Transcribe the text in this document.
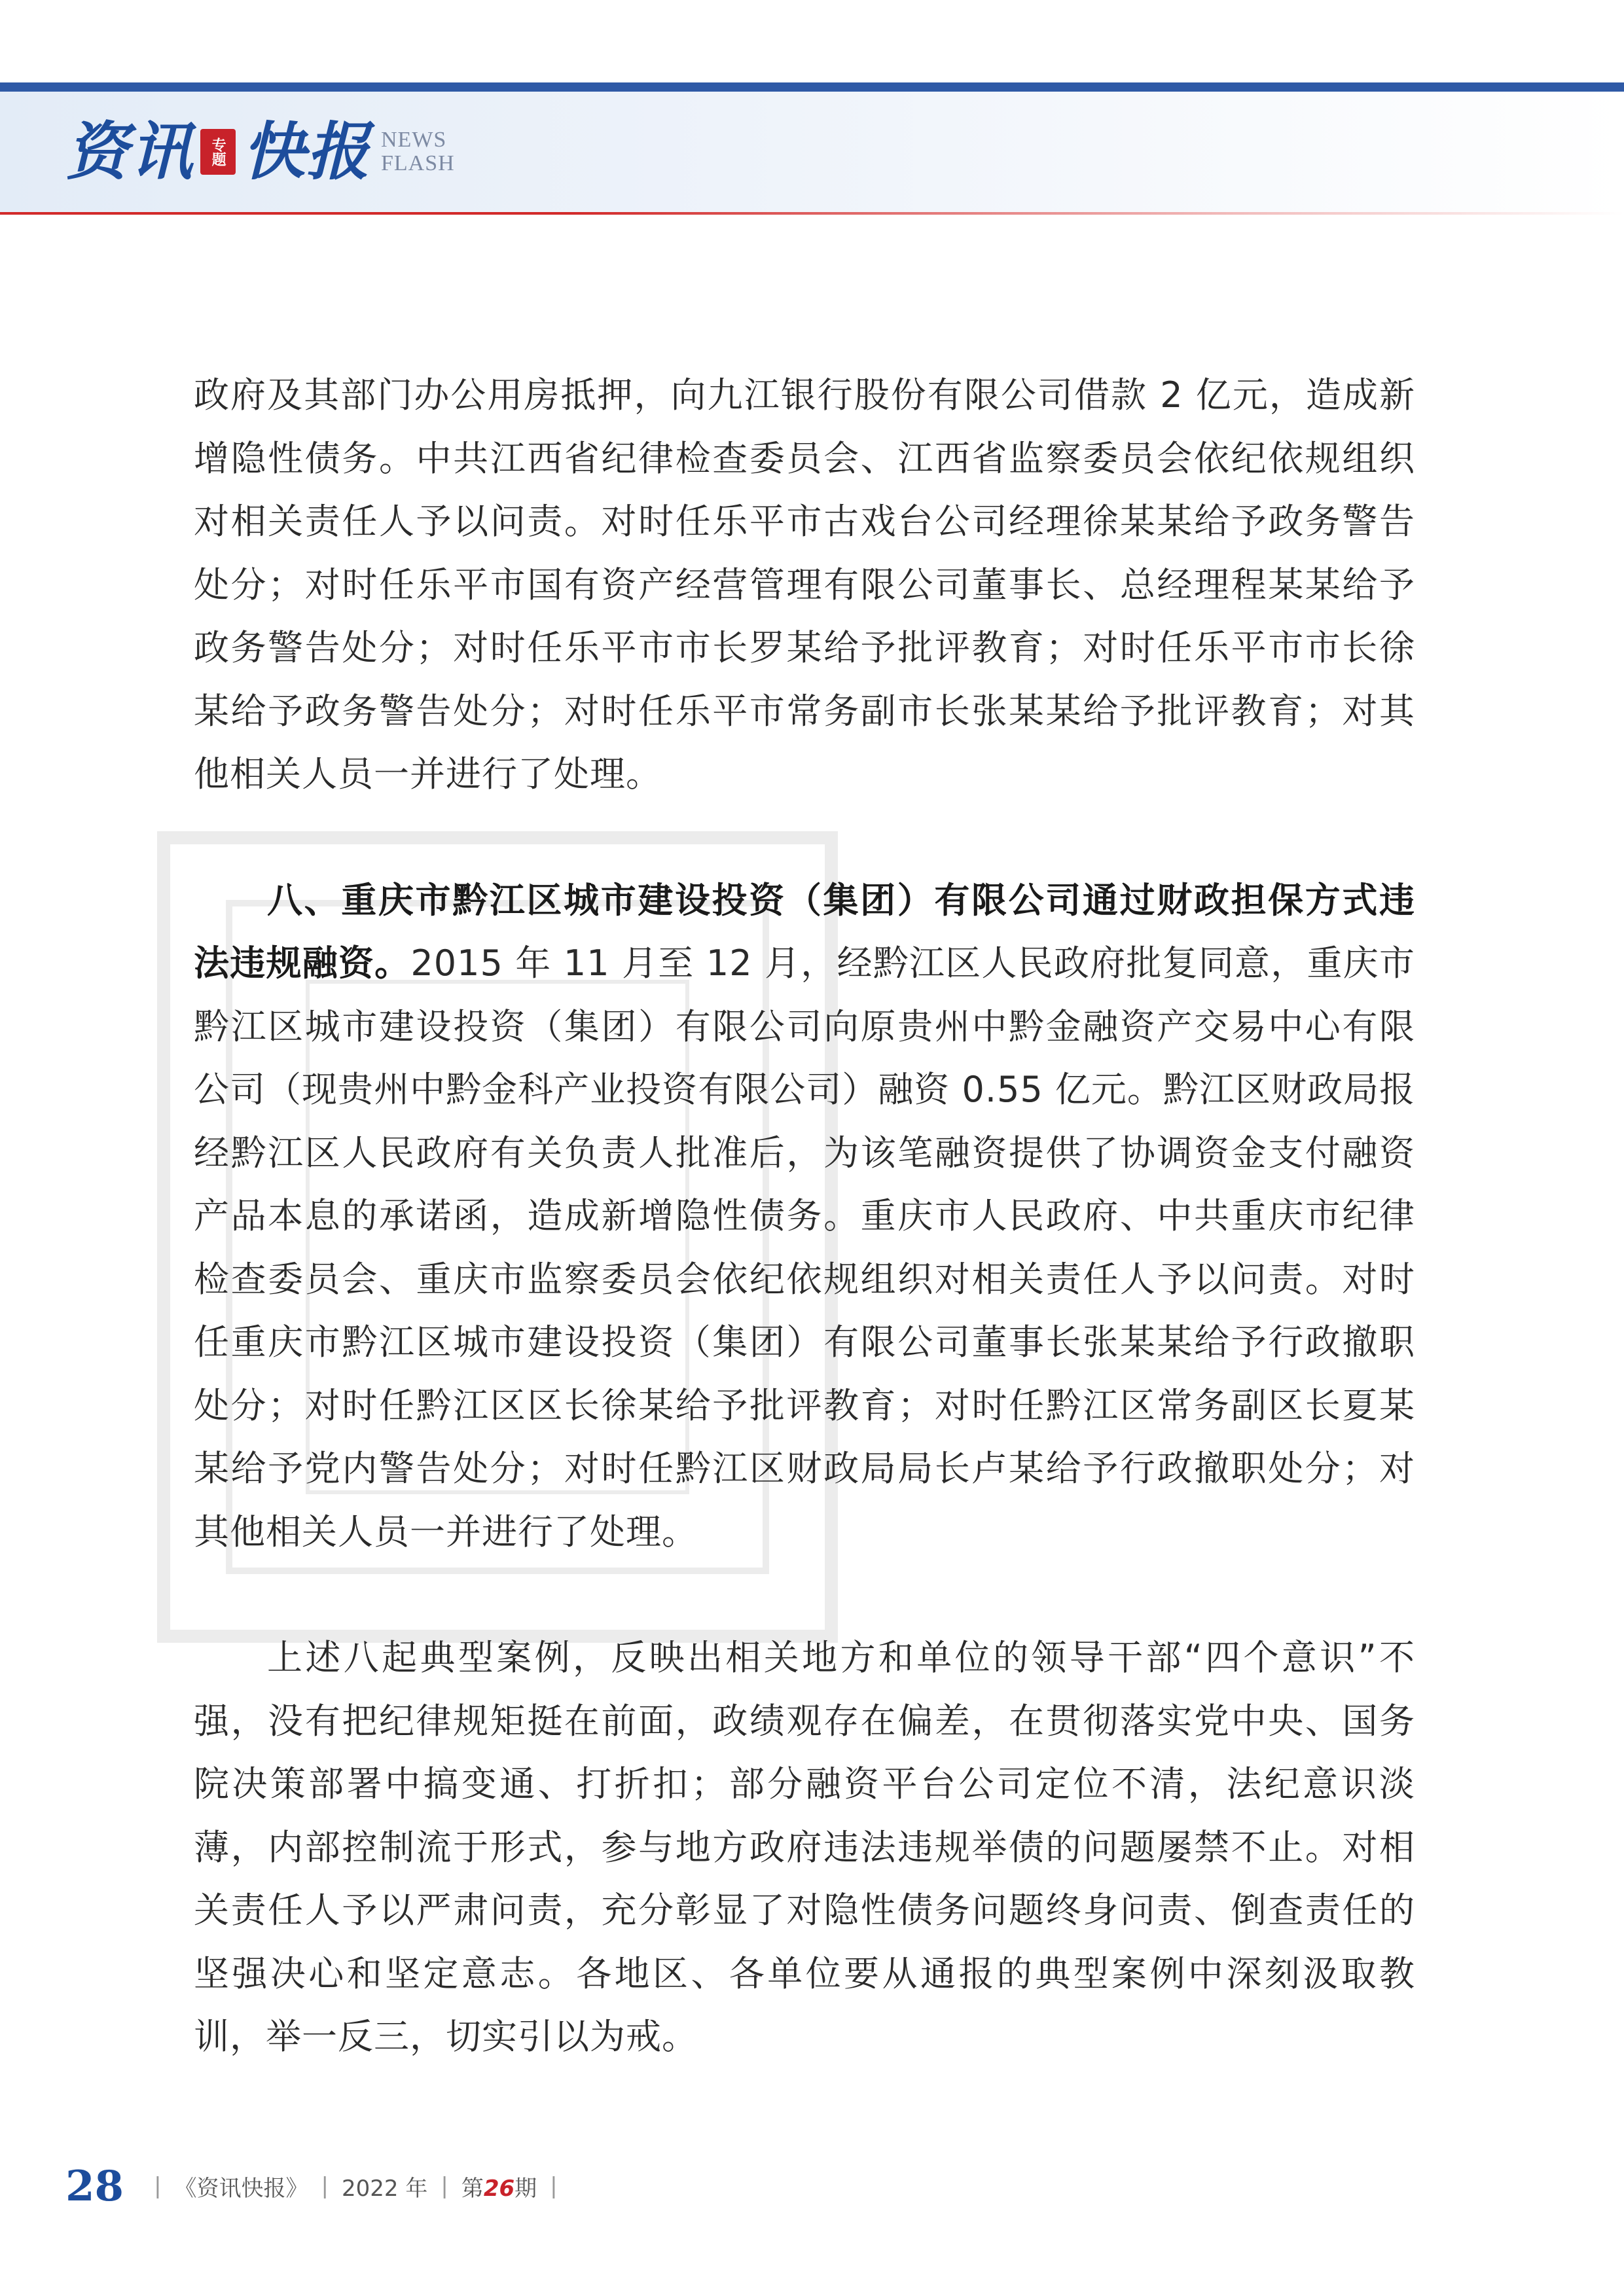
资讯	专题 快报 NEWS
FLASH

政府及其部门办公用房抵押，向九江银行股份有限公司借款 2 亿元，造成新增隐性债务。中共江西省纪律检查委员会、江西省监察委员会依纪依规组织对相关责任人予以问责。对时任乐平市古戏台公司经理徐某某给予政务警告处分；对时任乐平市国有资产经营管理有限公司董事长、总经理程某某给予政务警告处分；对时任乐平市市长罗某给予批评教育；对时任乐平市市长徐某给予政务警告处分；对时任乐平市常务副市长张某某给予批评教育；对其他相关人员一并进行了处理。

八、重庆市黔江区城市建设投资（集团）有限公司通过财政担保方式违法违规融资。2015 年 11 月至 12 月，经黔江区人民政府批复同意，重庆市黔江区城市建设投资（集团）有限公司向原贵州中黔金融资产交易中心有限公司（现贵州中黔金科产业投资有限公司）融资 0.55 亿元。黔江区财政局报经黔江区人民政府有关负责人批准后，为该笔融资提供了协调资金支付融资产品本息的承诺函，造成新增隐性债务。重庆市人民政府、中共重庆市纪律检查委员会、重庆市监察委员会依纪依规组织对相关责任人予以问责。对时任重庆市黔江区城市建设投资（集团）有限公司董事长张某某给予行政撤职处分；对时任黔江区区长徐某给予批评教育；对时任黔江区常务副区长夏某某给予党内警告处分；对时任黔江区财政局局长卢某给予行政撤职处分；对其他相关人员一并进行了处理。

上述八起典型案例，反映出相关地方和单位的领导干部“四个意识”不强，没有把纪律规矩挺在前面，政绩观存在偏差，在贯彻落实党中央、国务院决策部署中搞变通、打折扣；部分融资平台公司定位不清，法纪意识淡薄，内部控制流于形式，参与地方政府违法违规举债的问题屡禁不止。对相关责任人予以严肃问责，充分彰显了对隐性债务问题终身问责、倒查责任的坚强决心和坚定意志。各地区、各单位要从通报的典型案例中深刻汲取教训，举一反三，切实引以为戒。

28 | 《资讯快报》 | 2022 年 | 第26期 |
